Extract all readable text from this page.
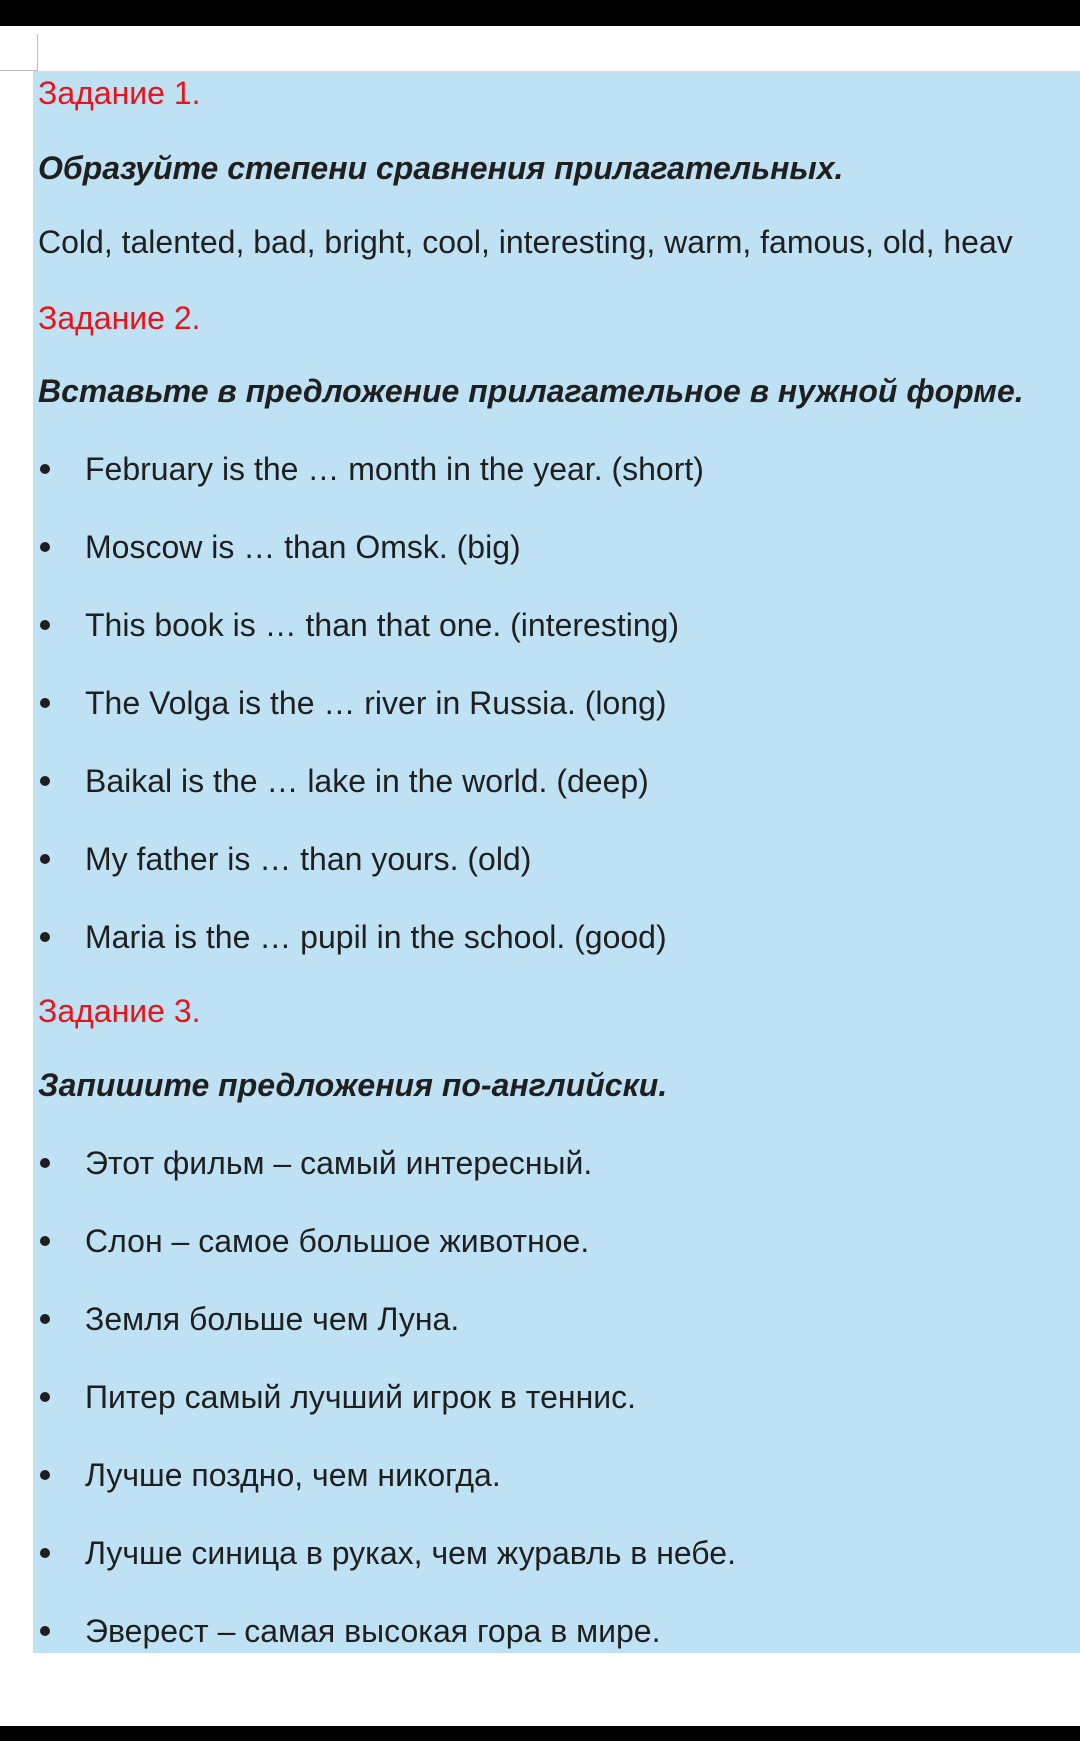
Задание 1.
Образуйте степени сравнения прилагательных.
Cold, talented, bad, bright, cool, interesting, warm, famous, old, heav
Задание 2.
Вставьте в предложение прилагательное в нужной форме.
February is the … month in the year. (short)
Moscow is … than Omsk. (big)
This book is … than that one. (interesting)
The Volga is the … river in Russia. (long)
Baikal is the … lake in the world. (deep)
My father is … than yours. (old)
Maria is the … pupil in the school. (good)
Задание 3.
Запишите предложения по-английски.
Этот фильм – самый интересный.
Слон – самое большое животное.
Земля больше чем Луна.
Питер самый лучший игрок в теннис.
Лучше поздно, чем никогда.
Лучше синица в руках, чем журавль в небе.
Эверест – самая высокая гора в мире.
